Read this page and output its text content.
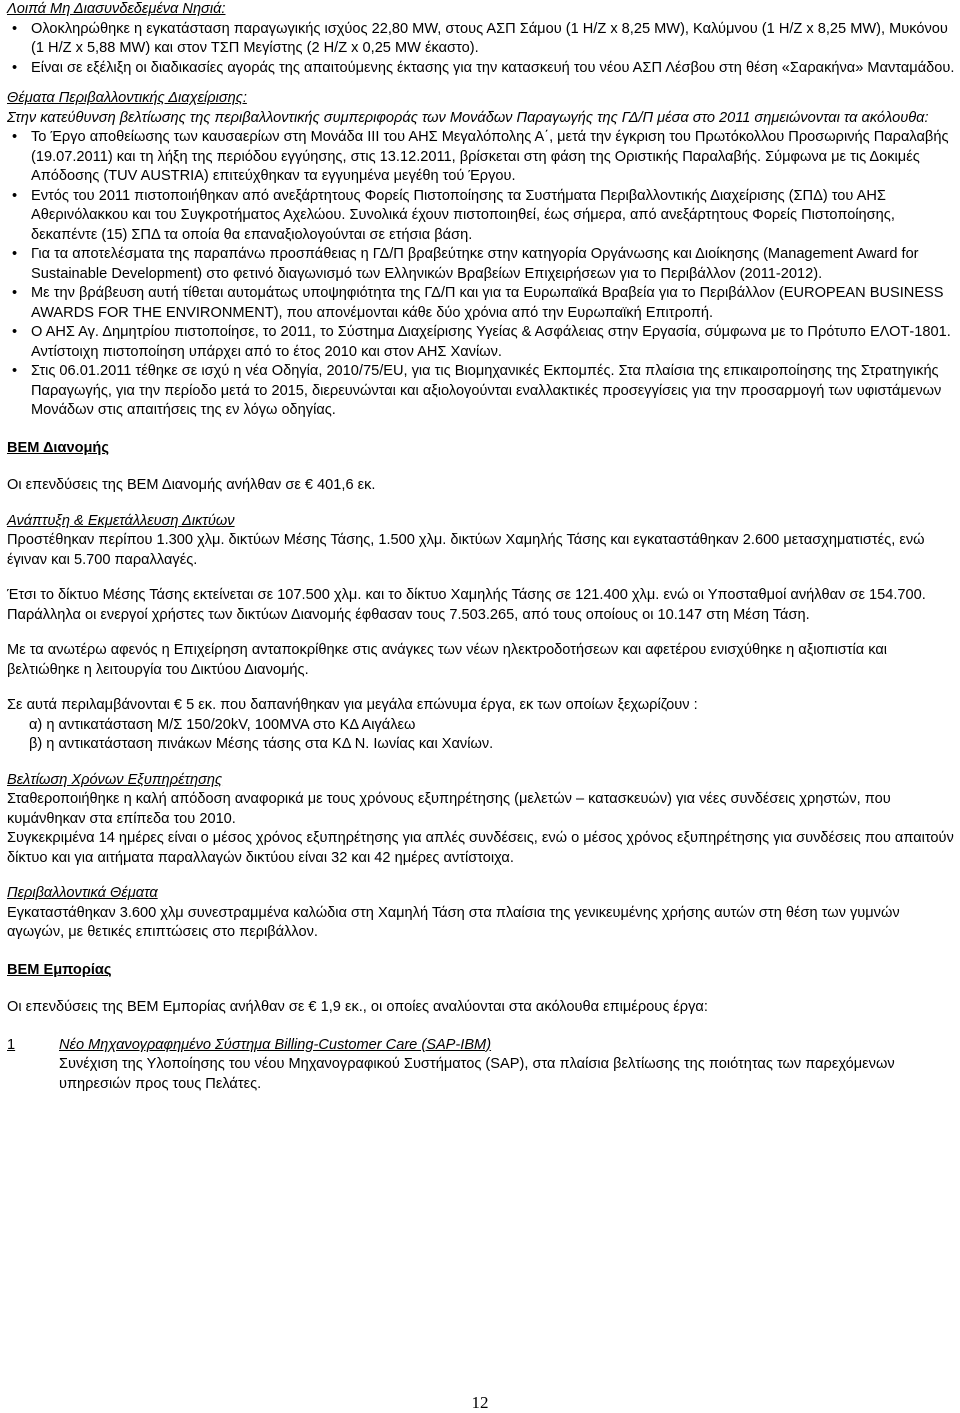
Λοιπά Μη Διασυνδεδεμένα Νησιά:

• Ολοκληρώθηκε η εγκατάσταση παραγωγικής ισχύος 22,80 MW, στους ΑΣΠ Σάμου (1 Η/Ζ x 8,25 MW), Καλύμνου (1 Η/Ζ x 8,25 MW), Μυκόνου (1 Η/Ζ x 5,88 MW) και στον ΤΣΠ Μεγίστης (2 Η/Ζ x 0,25 MW έκαστο).
• Είναι σε εξέλιξη οι διαδικασίες αγοράς της απαιτούμενης έκτασης για την κατασκευή του νέου ΑΣΠ Λέσβου στη θέση «Σαρακήνα» Μανταμάδου.

Θέματα Περιβαλλοντικής Διαχείρισης:

Στην κατεύθυνση βελτίωσης της περιβαλλοντικής συμπεριφοράς των Μονάδων Παραγωγής της ΓΔ/Π μέσα στο 2011 σημειώνονται τα ακόλουθα:

• Το Έργο αποθείωσης των καυσαερίων στη Μονάδα ΙΙΙ του ΑΗΣ Μεγαλόπολης Α΄, μετά την έγκριση του Πρωτόκολλου Προσωρινής Παραλαβής (19.07.2011) και τη λήξη της περιόδου εγγύησης, στις 13.12.2011, βρίσκεται στη φάση της Οριστικής Παραλαβής. Σύμφωνα με τις Δοκιμές Απόδοσης (TUV AUSTRIA) επιτεύχθηκαν τα εγγυημένα μεγέθη τού Έργου.
• Εντός του 2011 πιστοποιήθηκαν από ανεξάρτητους Φορείς Πιστοποίησης τα Συστήματα Περιβαλλοντικής Διαχείρισης (ΣΠΔ) του ΑΗΣ Αθερινόλακκου και του Συγκροτήματος Αχελώου. Συνολικά έχουν πιστοποιηθεί, έως σήμερα, από ανεξάρτητους Φορείς Πιστοποίησης, δεκαπέντε (15) ΣΠΔ τα οποία θα επαναξιολογούνται σε ετήσια βάση.
• Για τα αποτελέσματα της παραπάνω προσπάθειας η ΓΔ/Π βραβεύτηκε στην κατηγορία Οργάνωσης και Διοίκησης (Management Award for Sustainable Development) στο φετινό διαγωνισμό των Ελληνικών Βραβείων Επιχειρήσεων για το Περιβάλλον (2011-2012).
• Με την βράβευση αυτή τίθεται αυτομάτως υποψηφιότητα της ΓΔ/Π και για τα Ευρωπαϊκά Βραβεία για το Περιβάλλον (EUROPEAN BUSINESS AWARDS FOR THE ENVIRONMENT), που απονέμονται κάθε δύο χρόνια από την Ευρωπαϊκή Επιτροπή.
• Ο ΑΗΣ Αγ. Δημητρίου πιστοποίησε, το 2011, το Σύστημα Διαχείρισης Υγείας & Ασφάλειας στην Εργασία, σύμφωνα με το Πρότυπο ΕΛΟΤ-1801. Αντίστοιχη πιστοποίηση υπάρχει από το έτος 2010 και στον ΑΗΣ Χανίων.
• Στις 06.01.2011 τέθηκε σε ισχύ η νέα Οδηγία, 2010/75/EU, για τις Βιομηχανικές Εκπομπές. Στα πλαίσια της επικαιροποίησης της Στρατηγικής Παραγωγής, για την περίοδο μετά το 2015, διερευνώνται και αξιολογούνται εναλλακτικές προσεγγίσεις για την προσαρμογή των υφιστάμενων Μονάδων στις απαιτήσεις της εν λόγω οδηγίας.

ΒΕΜ Διανομής

Οι επενδύσεις της ΒΕΜ Διανομής ανήλθαν σε € 401,6 εκ.

Ανάπτυξη & Εκμετάλλευση Δικτύων

Προστέθηκαν περίπου 1.300 χλμ. δικτύων Μέσης Τάσης, 1.500 χλμ. δικτύων Χαμηλής Τάσης και εγκαταστάθηκαν 2.600 μετασχηματιστές, ενώ έγιναν και 5.700 παραλλαγές.

Έτσι το δίκτυο Μέσης Τάσης εκτείνεται σε 107.500 χλμ. και το δίκτυο Χαμηλής Τάσης σε 121.400 χλμ. ενώ οι Υποσταθμοί ανήλθαν σε 154.700. Παράλληλα οι ενεργοί χρήστες των δικτύων Διανομής έφθασαν τους 7.503.265, από τους οποίους οι 10.147 στη Μέση Τάση.

Με τα ανωτέρω αφενός η Επιχείρηση ανταποκρίθηκε στις ανάγκες των νέων ηλεκτροδοτήσεων και αφετέρου ενισχύθηκε η αξιοπιστία και βελτιώθηκε η λειτουργία του Δικτύου Διανομής.

Σε αυτά περιλαμβάνονται € 5 εκ. που δαπανήθηκαν για μεγάλα επώνυμα έργα, εκ των οποίων ξεχωρίζουν :

α) η αντικατάσταση Μ/Σ 150/20kV, 100MVA στο ΚΔ Αιγάλεω

β) η αντικατάσταση πινάκων Μέσης τάσης στα ΚΔ Ν. Ιωνίας και Χανίων.

Βελτίωση Χρόνων Εξυπηρέτησης

Σταθεροποιήθηκε η καλή απόδοση αναφορικά με τους χρόνους εξυπηρέτησης (μελετών – κατασκευών) για νέες συνδέσεις χρηστών, που κυμάνθηκαν στα επίπεδα του 2010.

Συγκεκριμένα 14 ημέρες είναι ο μέσος χρόνος εξυπηρέτησης για απλές συνδέσεις, ενώ ο μέσος χρόνος εξυπηρέτησης για συνδέσεις που απαιτούν δίκτυο και για αιτήματα παραλλαγών δικτύου είναι 32 και 42 ημέρες αντίστοιχα.

Περιβαλλοντικά Θέματα

Εγκαταστάθηκαν 3.600 χλμ συνεστραμμένα καλώδια στη Χαμηλή Τάση στα πλαίσια της γενικευμένης χρήσης αυτών στη θέση των γυμνών αγωγών, με θετικές επιπτώσεις στο περιβάλλον.

ΒΕΜ Εμπορίας

Οι επενδύσεις της ΒΕΜ Εμπορίας ανήλθαν σε € 1,9 εκ., οι οποίες αναλύονται στα ακόλουθα επιμέρους έργα:

1	Νέο Μηχανογραφημένο Σύστημα Billing-Customer Care (SAP-IBM)

Συνέχιση της Υλοποίησης του νέου Μηχανογραφικού Συστήματος (SAP), στα πλαίσια βελτίωσης της ποιότητας των παρεχόμενων υπηρεσιών προς τους Πελάτες.

12
